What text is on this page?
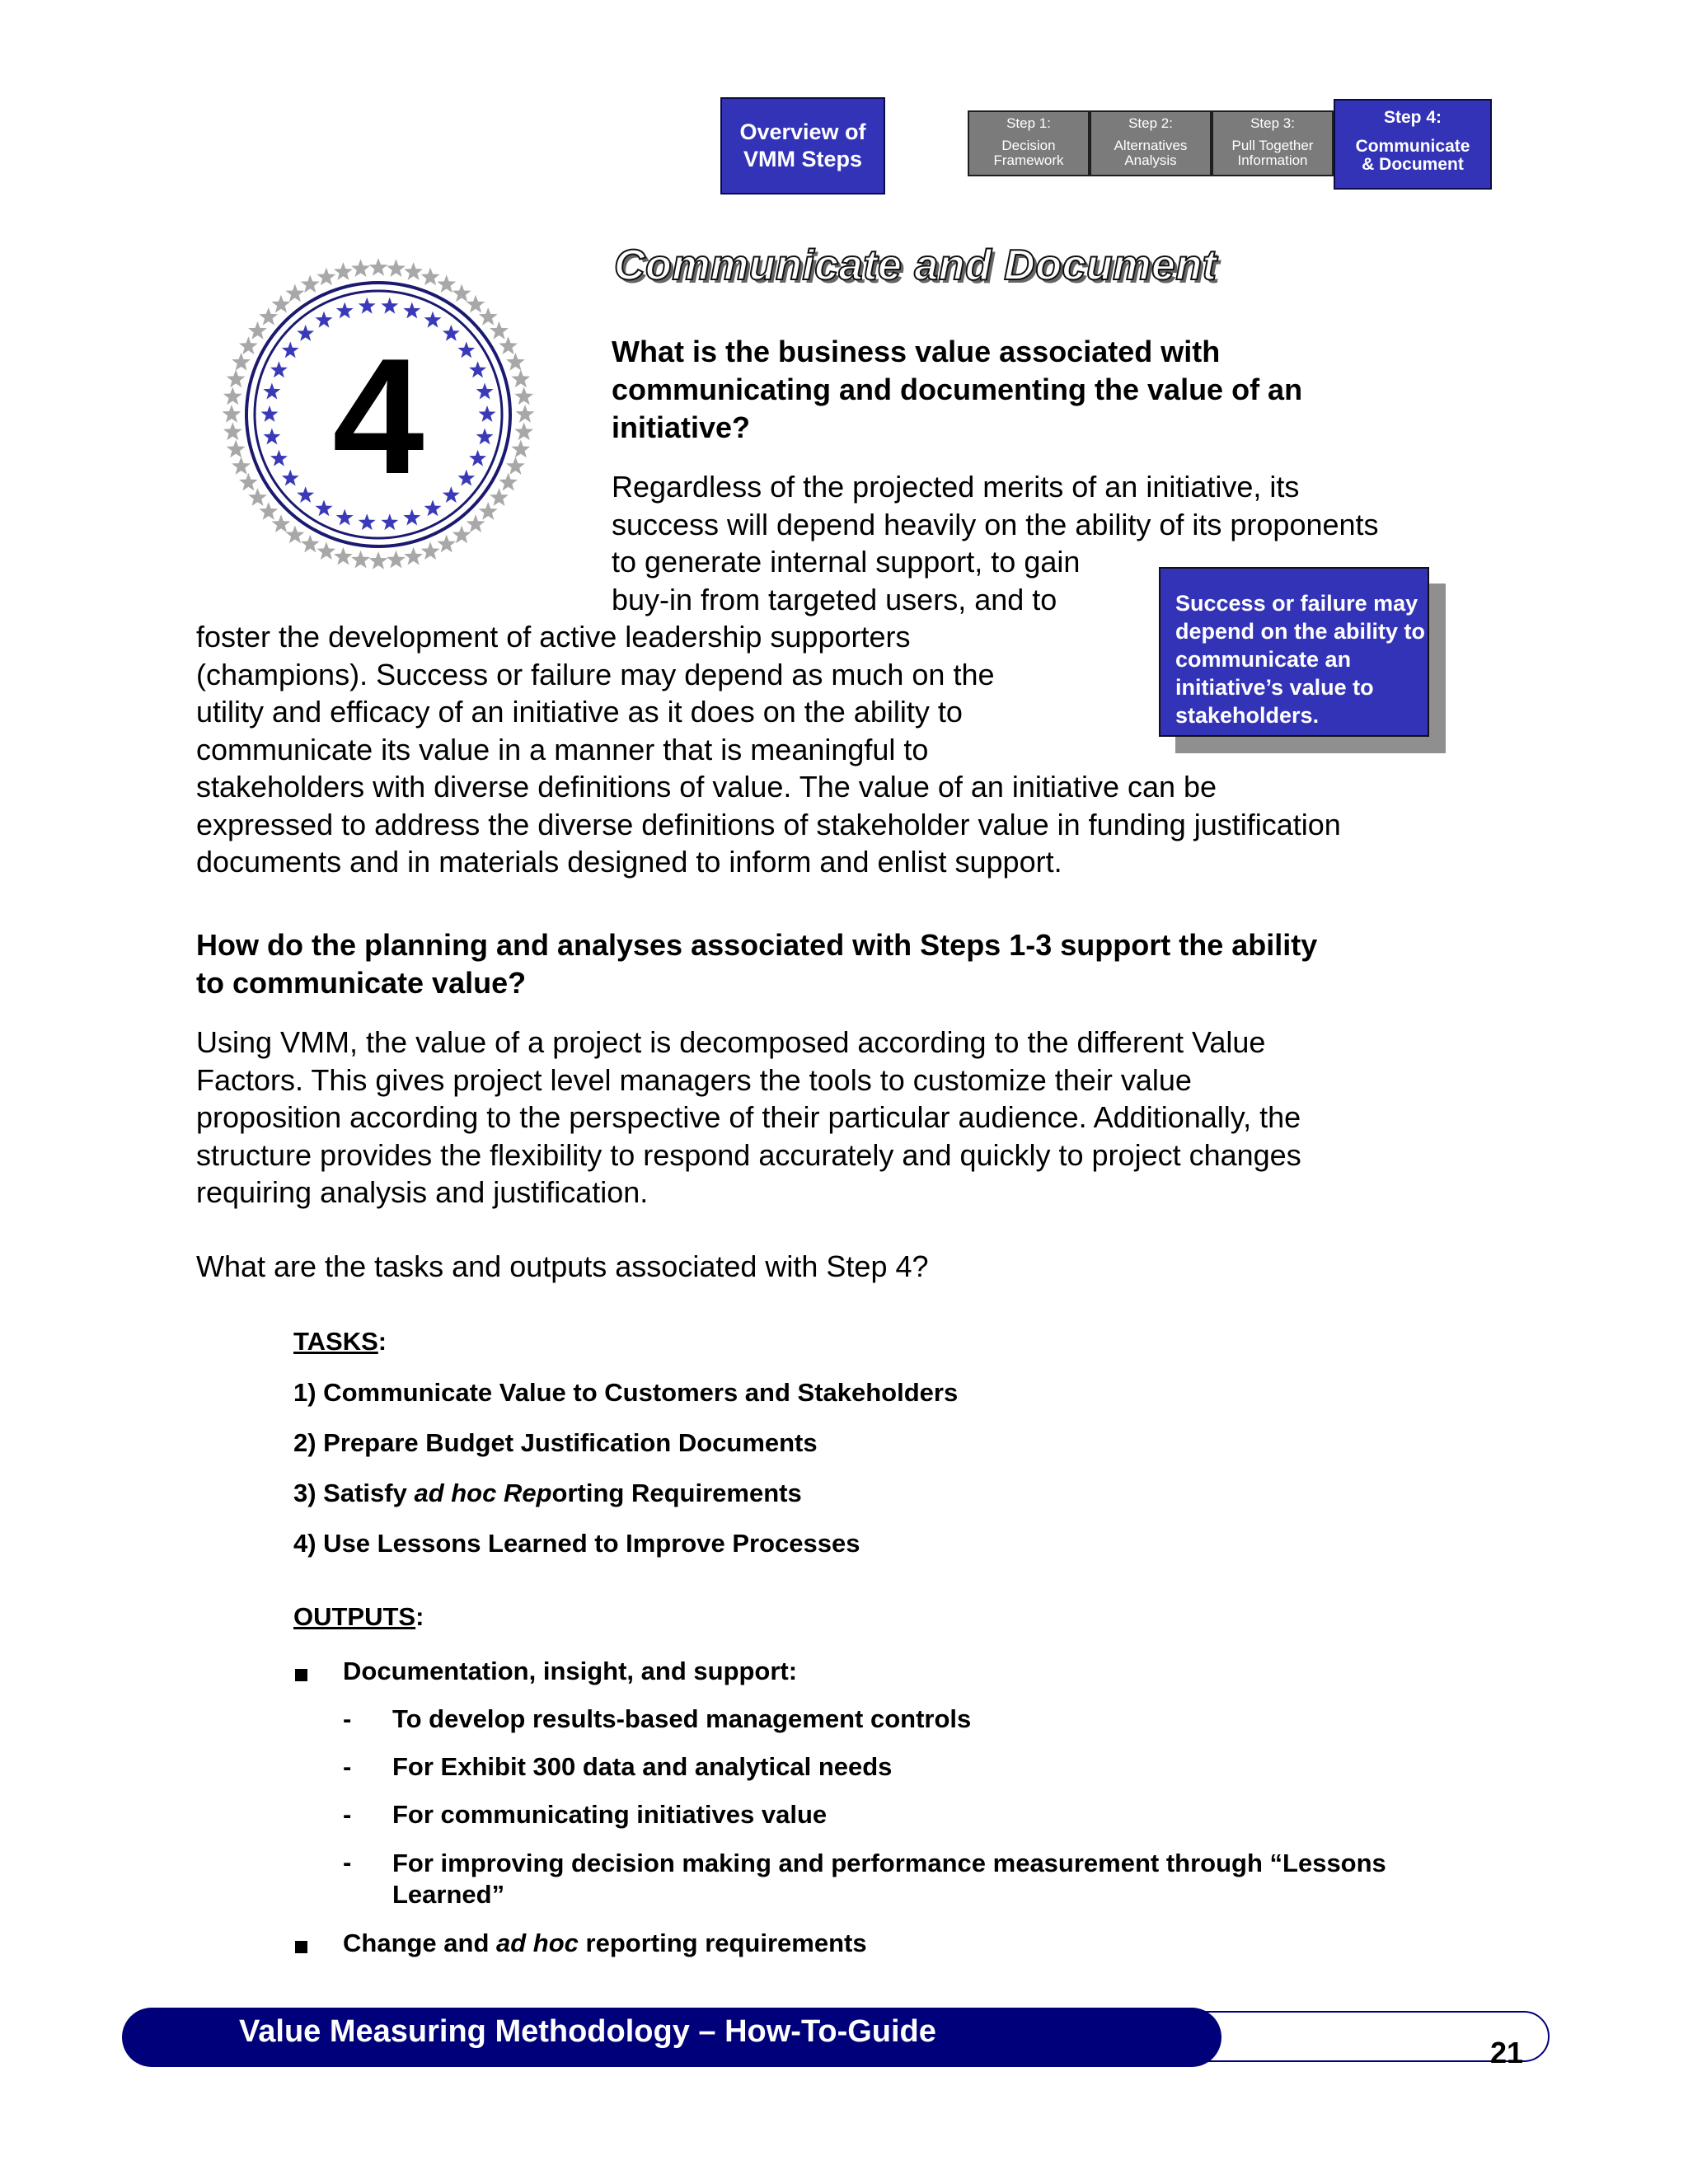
Overview of
VMM Steps
Step 1:
Decision
Framework
Step 2:
Alternatives
Analysis
Step 3:
Pull Together
Information
Step 4:
Communicate
& Document
4
Communicate and Document
What is the business value associated with
communicating and documenting the value of an
initiative?
Regardless of the projected merits of an initiative, its
success will depend heavily on the ability of its proponents
to generate internal support, to gain
buy-in from targeted users, and to
foster the development of active leadership supporters
(champions). Success or failure may depend as much on the
utility and efficacy of an initiative as it does on the ability to
communicate its value in a manner that is meaningful to
stakeholders with diverse definitions of value. The value of an initiative can be
expressed to address the diverse definitions of stakeholder value in funding justification
documents and in materials designed to inform and enlist support.
Success or failure may
depend on the ability to
communicate an
initiative’s value to
stakeholders.
How do the planning and analyses associated with Steps 1-3 support the ability
to communicate value?
Using VMM, the value of a project is decomposed according to the different Value
Factors. This gives project level managers the tools to customize their value
proposition according to the perspective of their particular audience. Additionally, the
structure provides the flexibility to respond accurately and quickly to project changes
requiring analysis and justification.
What are the tasks and outputs associated with Step 4?
TASKS:
1) Communicate Value to Customers and Stakeholders
2) Prepare Budget Justification Documents
3) Satisfy ad hoc Reporting Requirements
4) Use Lessons Learned to Improve Processes
OUTPUTS:
Documentation, insight, and support:
- To develop results-based management controls
- For Exhibit 300 data and analytical needs
- For communicating initiatives value
- For improving decision making and performance measurement through “Lessons
Learned”
Change and ad hoc reporting requirements
Value Measuring Methodology – How-To-Guide
21
